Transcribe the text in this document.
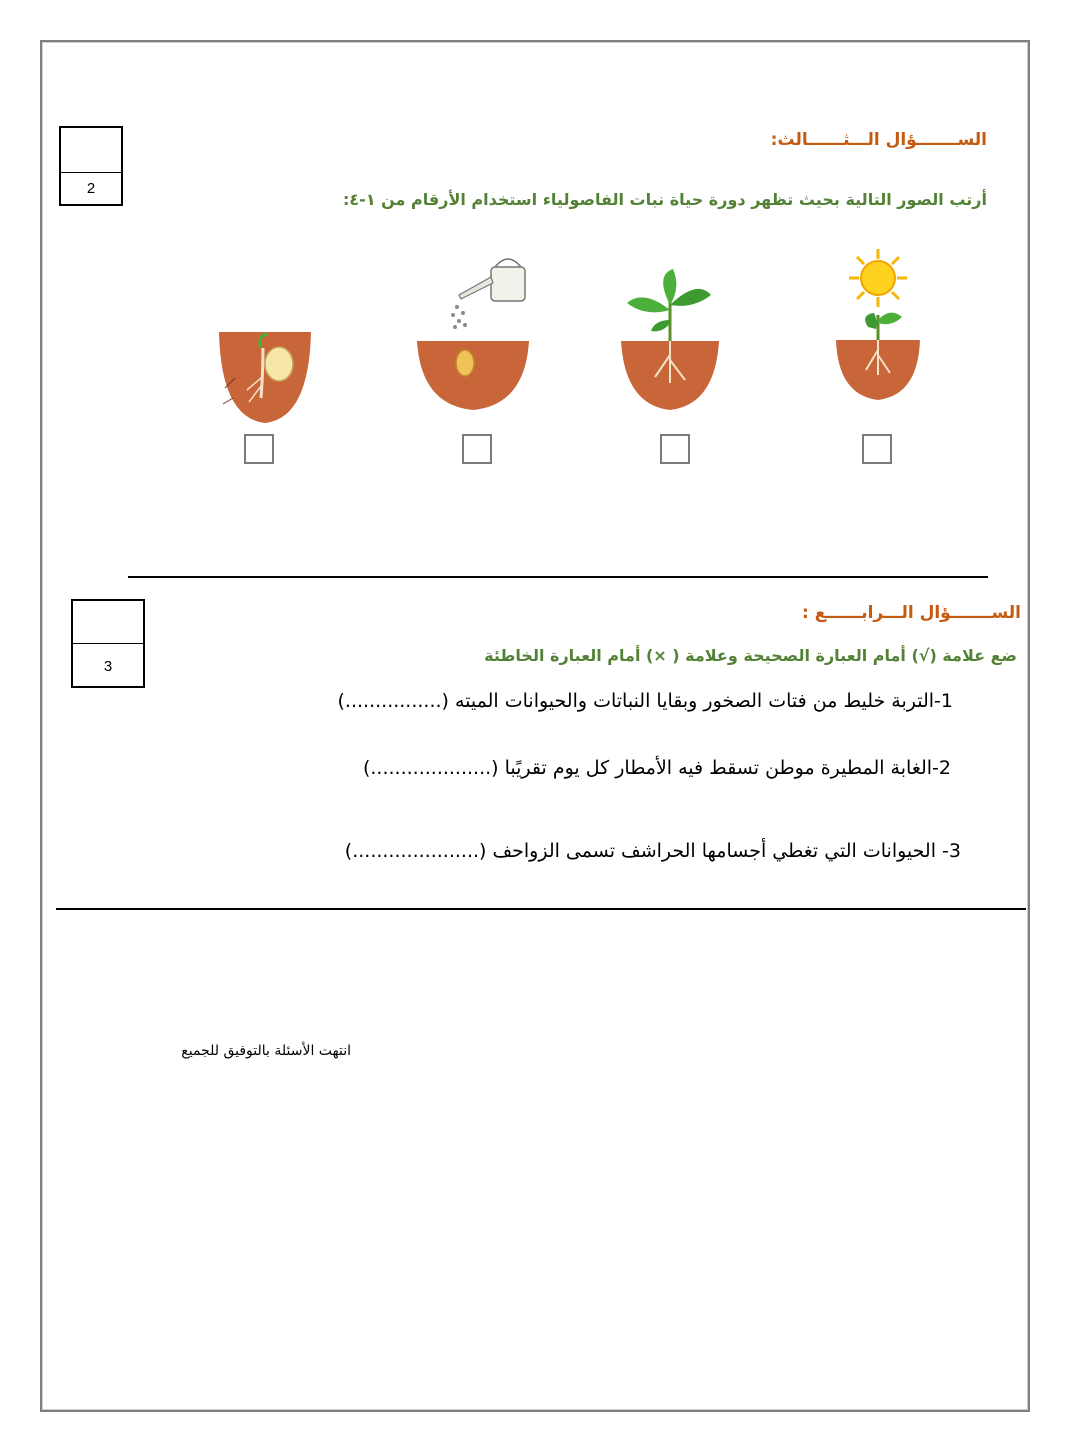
2
الســـــــؤال الـــثــــــالث:
أرتب الصور التالية بحيث تظهر دورة حياة نبات الفاصولياء استخدام الأرقام من ١-٤:
3
الســـــــؤال الـــرابــــــع :
ضع علامة (√) أمام العبارة الصحيحة وعلامة ( ×) أمام العبارة الخاطئة
1-التربة خليط من فتات الصخور وبقايا النباتات والحيوانات الميته (................)
2-الغابة المطيرة موطن تسقط فيه الأمطار كل يوم تقريًبا (....................)
3- الحيوانات التي تغطي أجسامها الحراشف تسمى الزواحف (.....................)
انتهت الأسئلة بالتوفيق للجميع
